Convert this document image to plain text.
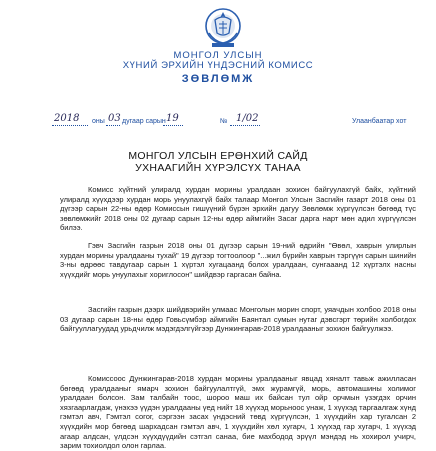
МОНГОЛ УЛСЫН
ХҮНИЙ ЭРХИЙН ҮНДЭСНИЙ КОМИСС
ЗӨВЛӨМЖ
2018 оны 03 дугаар сарын 19	№ 1/02	Улаанбаатар хот
МОНГОЛ УЛСЫН ЕРӨНХИЙ САЙД
УХНААГИЙН ХҮРЭЛСҮХ ТАНАА
Комисс хүйтний улиралд хурдан морины уралдаан зохион байгуулахгүй байх, хүйтний улиралд хүүхдээр хурдан морь унуулахгүй байх талаар Монгол Улсын Засгийн газарт 2018 оны 01 дүгээр сарын 22-ны өдөр Комиссын гишүүний бүрэн эрхийн дагуу Зөвлөмж хүргүүлсэн бөгөөд түс зөвлөмжийг 2018 оны 02 дугаар сарын 12-ны өдөр аймгийн Засаг дарга нарт мөн адил хүргүүлсэн билээ.
Гэвч Засгийн газрын 2018 оны 01 дүгээр сарын 19-ний өдрийн "Өвөл, хаврын улирлын хурдан морины уралдааны тухай" 19 дүгээр тогтоолоор "...жил бүрийн хаврын тэргүүн сарын шинийн 3-ны өдрөөс тавдугаар сарын 1 хүртэл хугацаанд болох уралдаан, сунгааанд 12 хүртэлх насны хүүхдийг морь унуулахыг хориглосон" шийдвэр гаргасан байна.
Засгийн газрын дээрх шийдвэрийн улмаас Монголын морин спорт, уяачдын холбоо 2018 оны 03 дугаар сарын 18-ны өдөр Говьсүмбэр аймгийн Баянтал сумын нутаг дэвсгэрт төрийн холбогдох байгууллагуудад урьдчилж мэдэгдэлгүйгээр Дунжингарав-2018 уралдааныг зохион байгуулжээ.
Комиссоос Дунжингарав-2018 хурдан морины уралдааныг явцад хяналт тавьж ажилласан бөгөөд уралдааныг ямарч зохион байгуулалтгүй, эмх журамгүй, морь, автомашины холимог уралдаан болсон. Зам талбайн тоос, шороо маш их байсан тул ойр орчмын үзэгдэх орчин хязгаарлагдаж, үнэхээ үүдэн уралдааны үед нийт 18 хүүхэд морьноос унаж, 1 хүүхэд таргаалгаж хүнд гэмтэл авч, Гэмтэл согог, сэргээн засах үндэсний төвд хүргүүлсэн, 1 хүүхдийн хар тугалсан 2 хүүхдийн мор бөгөөд шархадсан гэмтэл авч, 1 хүүхдийн хөл хугарч, 1 хүүхэд гар хугарч, 1 хүүхэд агаар алдсан, үлдсэн хүүхдүүдийн сэтгэл санаа, бие махбодод эрүүл мэндэд нь хохирол учирч, зарим тохиолдол олон гарлаа.
